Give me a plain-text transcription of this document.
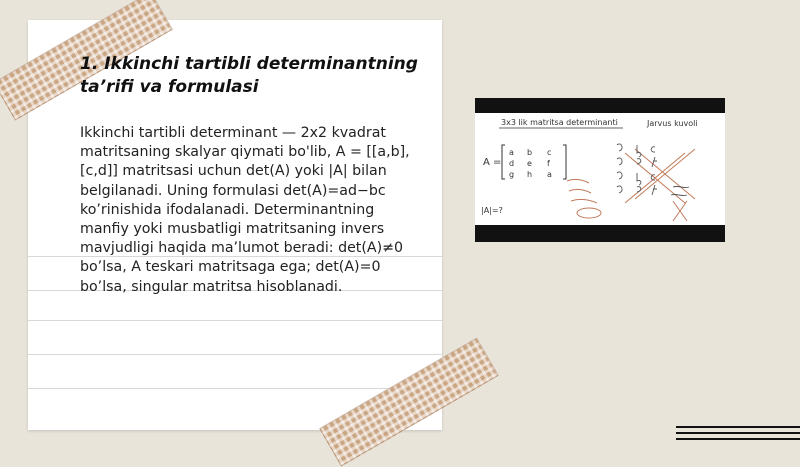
1. Ikkinchi tartibli determinantning ta’rifi va formulasi

Ikkinchi tartibli determinant — 2x2 kvadrat matritsaning skalyar qiymati bo'lib, A = [[a,b],[c,d]] matritsasi uchun det(A) yoki |A| bilan belgilanadi. Uning formulasi det(A)=ad−bc ko’rinishida ifodalanadi. Determinantning manfiy yoki musbatligi matritsaning invers mavjudligi haqida ma’lumot beradi: det(A)≠0 bo’lsa, A teskari matritsaga ega; det(A)=0 bo’lsa, singular matritsa hisoblanadi.

3x3 lik matritsa determinanti	Jarvus kuvoli
A =
a b c
d e f
g h a
|A|=?
